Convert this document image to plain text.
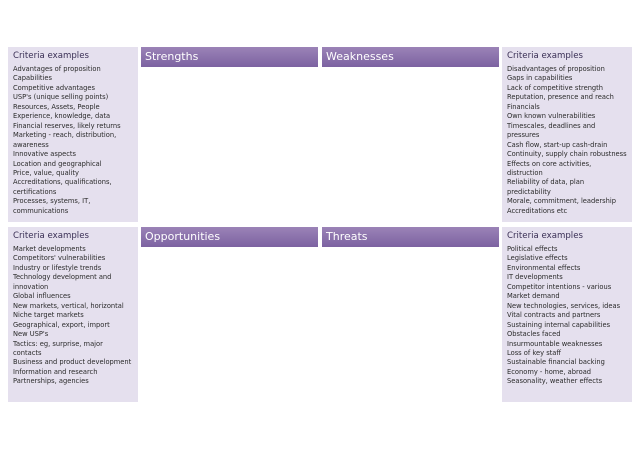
Criteria examples
Advantages of proposition
Capabilities
Competitive advantages
USP's (unique selling points)
Resources, Assets, People
Experience, knowledge, data
Financial reserves, likely returns
Marketing - reach, distribution,
awareness
Innovative aspects
Location and geographical
Price, value, quality
Accreditations, qualifications,
certifications
Processes, systems, IT,
communications
Criteria examples
Disadvantages of proposition
Gaps in capabilities
Lack of competitive strength
Reputation, presence and reach
Financials
Own known vulnerabilities
Timescales, deadlines and pressures
Cash flow, start-up cash-drain
Continuity, supply chain robustness
Effects on core activities, distruction
Reliability of data, plan predictability
Morale, commitment, leadership
Accreditations etc
Criteria examples
Market developments
Competitors' vulnerabilities
Industry or lifestyle trends
Technology development and
innovation
Global influences
New markets, vertical, horizontal
Niche target markets
Geographical, export, import
New USP's
Tactics: eg, surprise, major contacts
Business and product development
Information and research
Partnerships, agencies
Criteria examples
Political effects
Legislative effects
Environmental effects
IT developments
Competitor intentions - various
Market demand
New technologies, services, ideas
Vital contracts and partners
Sustaining internal capabilities
Obstacles faced
Insurmountable weaknesses
Loss of key staff
Sustainable financial backing
Economy - home, abroad
Seasonality, weather effects
Strengths	Weaknesses
Opportunities	Threats
